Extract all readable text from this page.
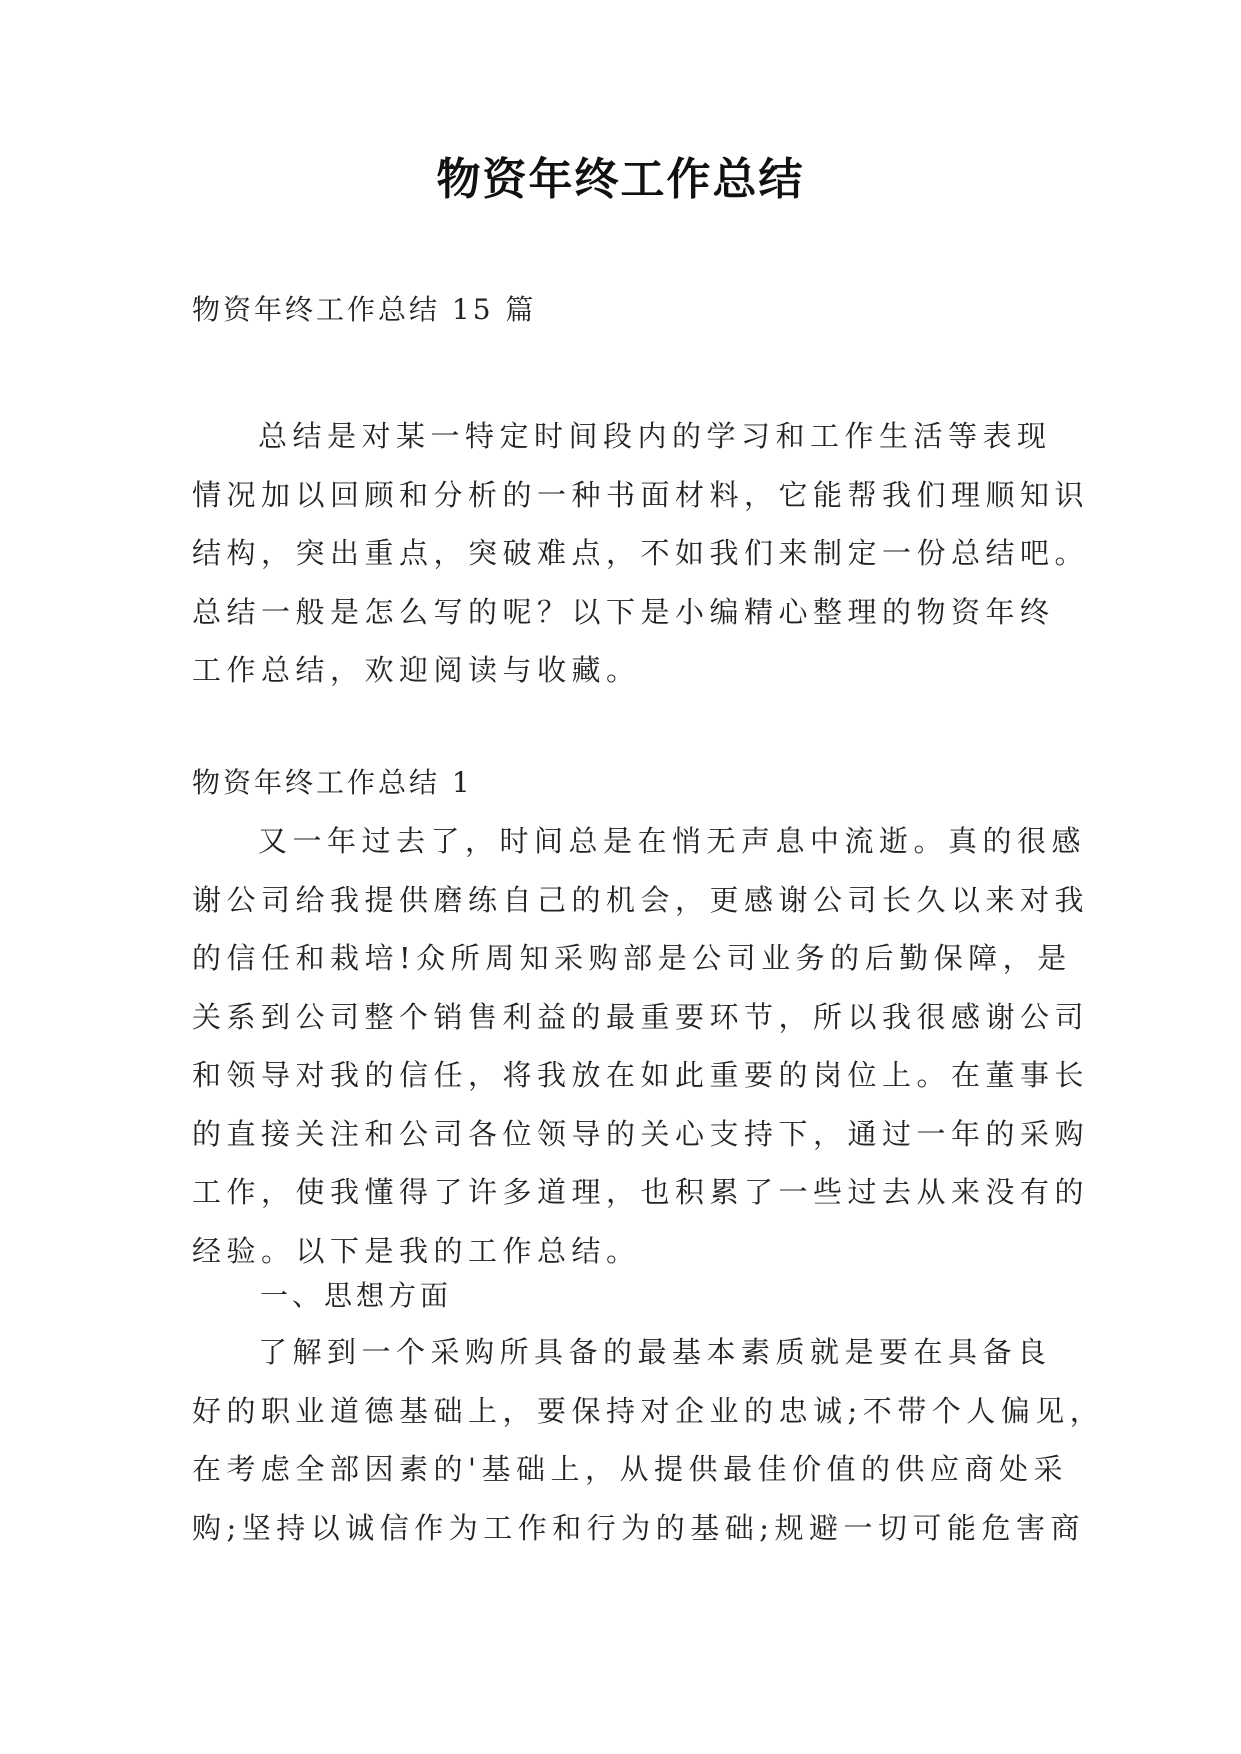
物资年终工作总结
物资年终工作总结 15 篇
总结是对某一特定时间段内的学习和工作生活等表现
情况加以回顾和分析的一种书面材料，它能帮我们理顺知识
结构，突出重点，突破难点，不如我们来制定一份总结吧。
总结一般是怎么写的呢？以下是小编精心整理的物资年终
工作总结，欢迎阅读与收藏。
物资年终工作总结 1
又一年过去了，时间总是在悄无声息中流逝。真的很感
谢公司给我提供磨练自己的机会，更感谢公司长久以来对我
的信任和栽培!众所周知采购部是公司业务的后勤保障，是
关系到公司整个销售利益的最重要环节，所以我很感谢公司
和领导对我的信任，将我放在如此重要的岗位上。在董事长
的直接关注和公司各位领导的关心支持下，通过一年的采购
工作，使我懂得了许多道理，也积累了一些过去从来没有的
经验。以下是我的工作总结。
一、思想方面
了解到一个采购所具备的最基本素质就是要在具备良
好的职业道德基础上，要保持对企业的忠诚;不带个人偏见，
在考虑全部因素的'基础上，从提供最佳价值的供应商处采
购;坚持以诚信作为工作和行为的基础;规避一切可能危害商
